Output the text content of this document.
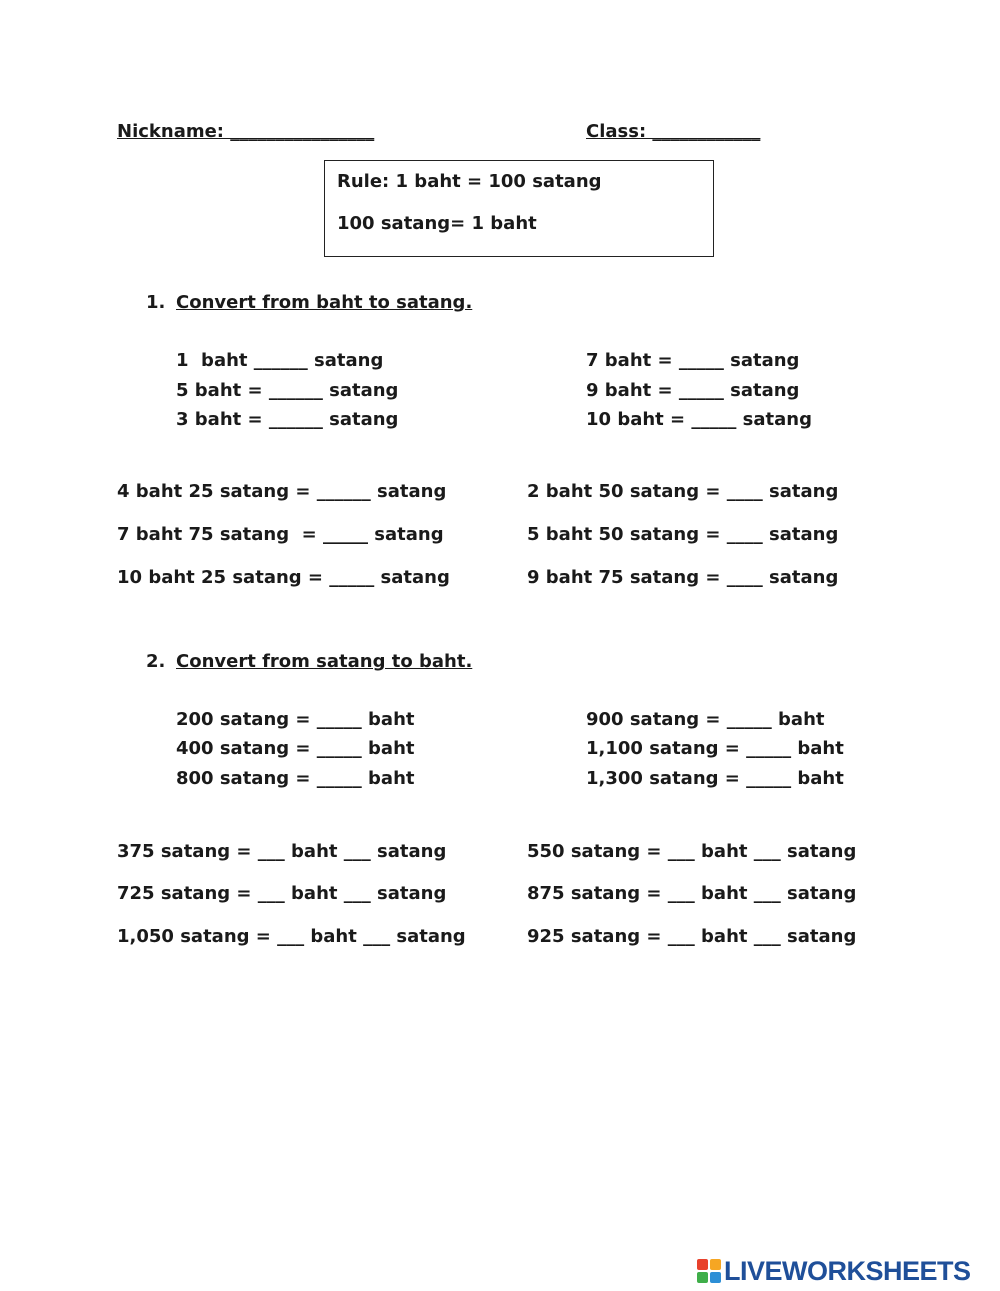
Nickname: ________________	Class: ____________
Rule: 1 baht = 100 satang
100 satang= 1 baht
1. Convert from baht to satang.
1  baht ______ satang
5 baht = ______ satang
3 baht = ______ satang
7 baht = _____ satang
9 baht = _____ satang
10 baht = _____ satang
4 baht 25 satang = ______ satang
7 baht 75 satang  = _____ satang
10 baht 25 satang = _____ satang
2 baht 50 satang = ____ satang
5 baht 50 satang = ____ satang
9 baht 75 satang = ____ satang
2. Convert from satang to baht.
200 satang = _____ baht
400 satang = _____ baht
800 satang = _____ baht
900 satang = _____ baht
1,100 satang = _____ baht
1,300 satang = _____ baht
375 satang = ___ baht ___ satang
725 satang = ___ baht ___ satang
1,050 satang = ___ baht ___ satang
550 satang = ___ baht ___ satang
875 satang = ___ baht ___ satang
925 satang = ___ baht ___ satang
LIVEWORKSHEETS
